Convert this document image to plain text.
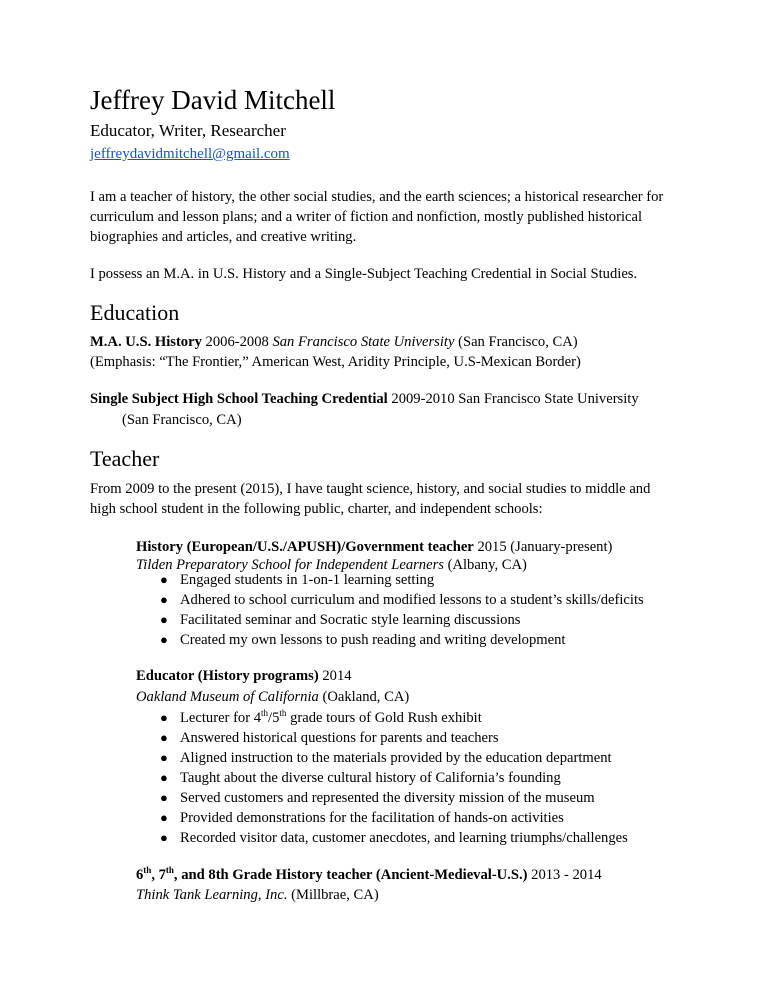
Jeffrey David Mitchell
Educator, Writer, Researcher
jeffreydavidmitchell@gmail.com
I am a teacher of history, the other social studies, and the earth sciences; a historical researcher for curriculum and lesson plans; and a writer of fiction and nonfiction, mostly published historical biographies and articles, and creative writing.
I possess an M.A. in U.S. History and a Single-Subject Teaching Credential in Social Studies.
Education
M.A. U.S. History 2006-2008 San Francisco State University (San Francisco, CA)
(Emphasis: “The Frontier,” American West, Aridity Principle, U.S-Mexican Border)
Single Subject High School Teaching Credential 2009-2010 San Francisco State University
(San Francisco, CA)
Teacher
From 2009 to the present (2015), I have taught science, history, and social studies to middle and
high school student in the following public, charter, and independent schools:
History (European/U.S./APUSH)/Government teacher 2015 (January-present)
Tilden Preparatory School for Independent Learners (Albany, CA)
● Engaged students in 1-on-1 learning setting
● Adhered to school curriculum and modified lessons to a student’s skills/deficits
● Facilitated seminar and Socratic style learning discussions
● Created my own lessons to push reading and writing development
Educator (History programs) 2014
Oakland Museum of California (Oakland, CA)
● Lecturer for 4th/5th grade tours of Gold Rush exhibit
● Answered historical questions for parents and teachers
● Aligned instruction to the materials provided by the education department
● Taught about the diverse cultural history of California’s founding
● Served customers and represented the diversity mission of the museum
● Provided demonstrations for the facilitation of hands-on activities
● Recorded visitor data, customer anecdotes, and learning triumphs/challenges
6th, 7th, and 8th Grade History teacher (Ancient-Medieval-U.S.) 2013 - 2014
Think Tank Learning, Inc. (Millbrae, CA)
